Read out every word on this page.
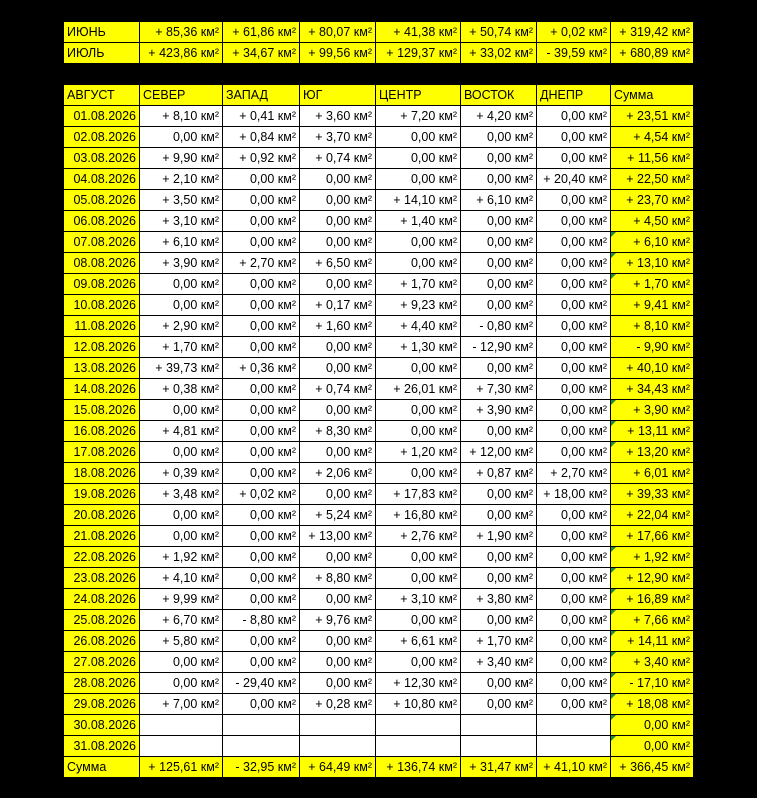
ИЮНЬ	+ 85,36 км²	+ 61,86 км²	+ 80,07 км²	+ 41,38 км²	+ 50,74 км²	+ 0,02 км²	+ 319,42 км²
ИЮЛЬ	+ 423,86 км²	+ 34,67 км²	+ 99,56 км²	+ 129,37 км²	+ 33,02 км²	- 39,59 км²	+ 680,89 км²
АВГУСТ	СЕВЕР	ЗАПАД	ЮГ	ЦЕНТР	ВОСТОК	ДНЕПР	Сумма
01.08.2026	+ 8,10 км²	+ 0,41 км²	+ 3,60 км²	+ 7,20 км²	+ 4,20 км²	0,00 км²	+ 23,51 км²
02.08.2026	0,00 км²	+ 0,84 км²	+ 3,70 км²	0,00 км²	0,00 км²	0,00 км²	+ 4,54 км²
03.08.2026	+ 9,90 км²	+ 0,92 км²	+ 0,74 км²	0,00 км²	0,00 км²	0,00 км²	+ 11,56 км²
04.08.2026	+ 2,10 км²	0,00 км²	0,00 км²	0,00 км²	0,00 км²	+ 20,40 км²	+ 22,50 км²
05.08.2026	+ 3,50 км²	0,00 км²	0,00 км²	+ 14,10 км²	+ 6,10 км²	0,00 км²	+ 23,70 км²
06.08.2026	+ 3,10 км²	0,00 км²	0,00 км²	+ 1,40 км²	0,00 км²	0,00 км²	+ 4,50 км²
07.08.2026	+ 6,10 км²	0,00 км²	0,00 км²	0,00 км²	0,00 км²	0,00 км²	+ 6,10 км²
08.08.2026	+ 3,90 км²	+ 2,70 км²	+ 6,50 км²	0,00 км²	0,00 км²	0,00 км²	+ 13,10 км²
09.08.2026	0,00 км²	0,00 км²	0,00 км²	+ 1,70 км²	0,00 км²	0,00 км²	+ 1,70 км²
10.08.2026	0,00 км²	0,00 км²	+ 0,17 км²	+ 9,23 км²	0,00 км²	0,00 км²	+ 9,41 км²
11.08.2026	+ 2,90 км²	0,00 км²	+ 1,60 км²	+ 4,40 км²	- 0,80 км²	0,00 км²	+ 8,10 км²
12.08.2026	+ 1,70 км²	0,00 км²	0,00 км²	+ 1,30 км²	- 12,90 км²	0,00 км²	- 9,90 км²
13.08.2026	+ 39,73 км²	+ 0,36 км²	0,00 км²	0,00 км²	0,00 км²	0,00 км²	+ 40,10 км²
14.08.2026	+ 0,38 км²	0,00 км²	+ 0,74 км²	+ 26,01 км²	+ 7,30 км²	0,00 км²	+ 34,43 км²
15.08.2026	0,00 км²	0,00 км²	0,00 км²	0,00 км²	+ 3,90 км²	0,00 км²	+ 3,90 км²
16.08.2026	+ 4,81 км²	0,00 км²	+ 8,30 км²	0,00 км²	0,00 км²	0,00 км²	+ 13,11 км²
17.08.2026	0,00 км²	0,00 км²	0,00 км²	+ 1,20 км²	+ 12,00 км²	0,00 км²	+ 13,20 км²
18.08.2026	+ 0,39 км²	0,00 км²	+ 2,06 км²	0,00 км²	+ 0,87 км²	+ 2,70 км²	+ 6,01 км²
19.08.2026	+ 3,48 км²	+ 0,02 км²	0,00 км²	+ 17,83 км²	0,00 км²	+ 18,00 км²	+ 39,33 км²
20.08.2026	0,00 км²	0,00 км²	+ 5,24 км²	+ 16,80 км²	0,00 км²	0,00 км²	+ 22,04 км²
21.08.2026	0,00 км²	0,00 км²	+ 13,00 км²	+ 2,76 км²	+ 1,90 км²	0,00 км²	+ 17,66 км²
22.08.2026	+ 1,92 км²	0,00 км²	0,00 км²	0,00 км²	0,00 км²	0,00 км²	+ 1,92 км²
23.08.2026	+ 4,10 км²	0,00 км²	+ 8,80 км²	0,00 км²	0,00 км²	0,00 км²	+ 12,90 км²
24.08.2026	+ 9,99 км²	0,00 км²	0,00 км²	+ 3,10 км²	+ 3,80 км²	0,00 км²	+ 16,89 км²
25.08.2026	+ 6,70 км²	- 8,80 км²	+ 9,76 км²	0,00 км²	0,00 км²	0,00 км²	+ 7,66 км²
26.08.2026	+ 5,80 км²	0,00 км²	0,00 км²	+ 6,61 км²	+ 1,70 км²	0,00 км²	+ 14,11 км²
27.08.2026	0,00 км²	0,00 км²	0,00 км²	0,00 км²	+ 3,40 км²	0,00 км²	+ 3,40 км²
28.08.2026	0,00 км²	- 29,40 км²	0,00 км²	+ 12,30 км²	0,00 км²	0,00 км²	- 17,10 км²
29.08.2026	+ 7,00 км²	0,00 км²	+ 0,28 км²	+ 10,80 км²	0,00 км²	0,00 км²	+ 18,08 км²
30.08.2026							0,00 км²
31.08.2026							0,00 км²
Сумма	+ 125,61 км²	- 32,95 км²	+ 64,49 км²	+ 136,74 км²	+ 31,47 км²	+ 41,10 км²	+ 366,45 км²
